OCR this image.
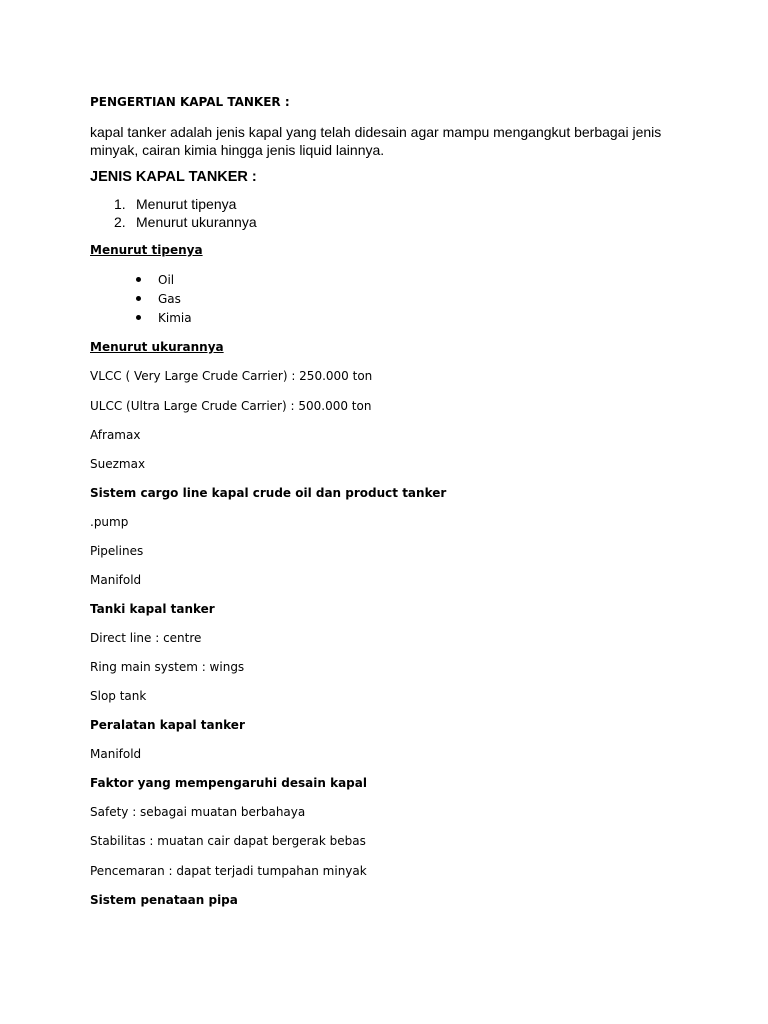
PENGERTIAN KAPAL TANKER :
kapal tanker adalah jenis kapal yang telah didesain agar mampu mengangkut berbagai jenis minyak, cairan kimia hingga jenis liquid lainnya.
JENIS KAPAL TANKER :
1. Menurut tipenya
2. Menurut ukurannya
Menurut tipenya
Oil
Gas
Kimia
Menurut ukurannya
VLCC ( Very Large Crude Carrier) : 250.000 ton
ULCC (Ultra Large Crude Carrier) : 500.000 ton
Aframax
Suezmax
Sistem cargo line kapal crude oil dan product tanker
.pump
Pipelines
Manifold
Tanki kapal tanker
Direct line : centre
Ring main system : wings
Slop tank
Peralatan kapal tanker
Manifold
Faktor yang mempengaruhi desain kapal
Safety : sebagai muatan berbahaya
Stabilitas : muatan cair dapat bergerak bebas
Pencemaran : dapat terjadi tumpahan minyak
Sistem penataan pipa
